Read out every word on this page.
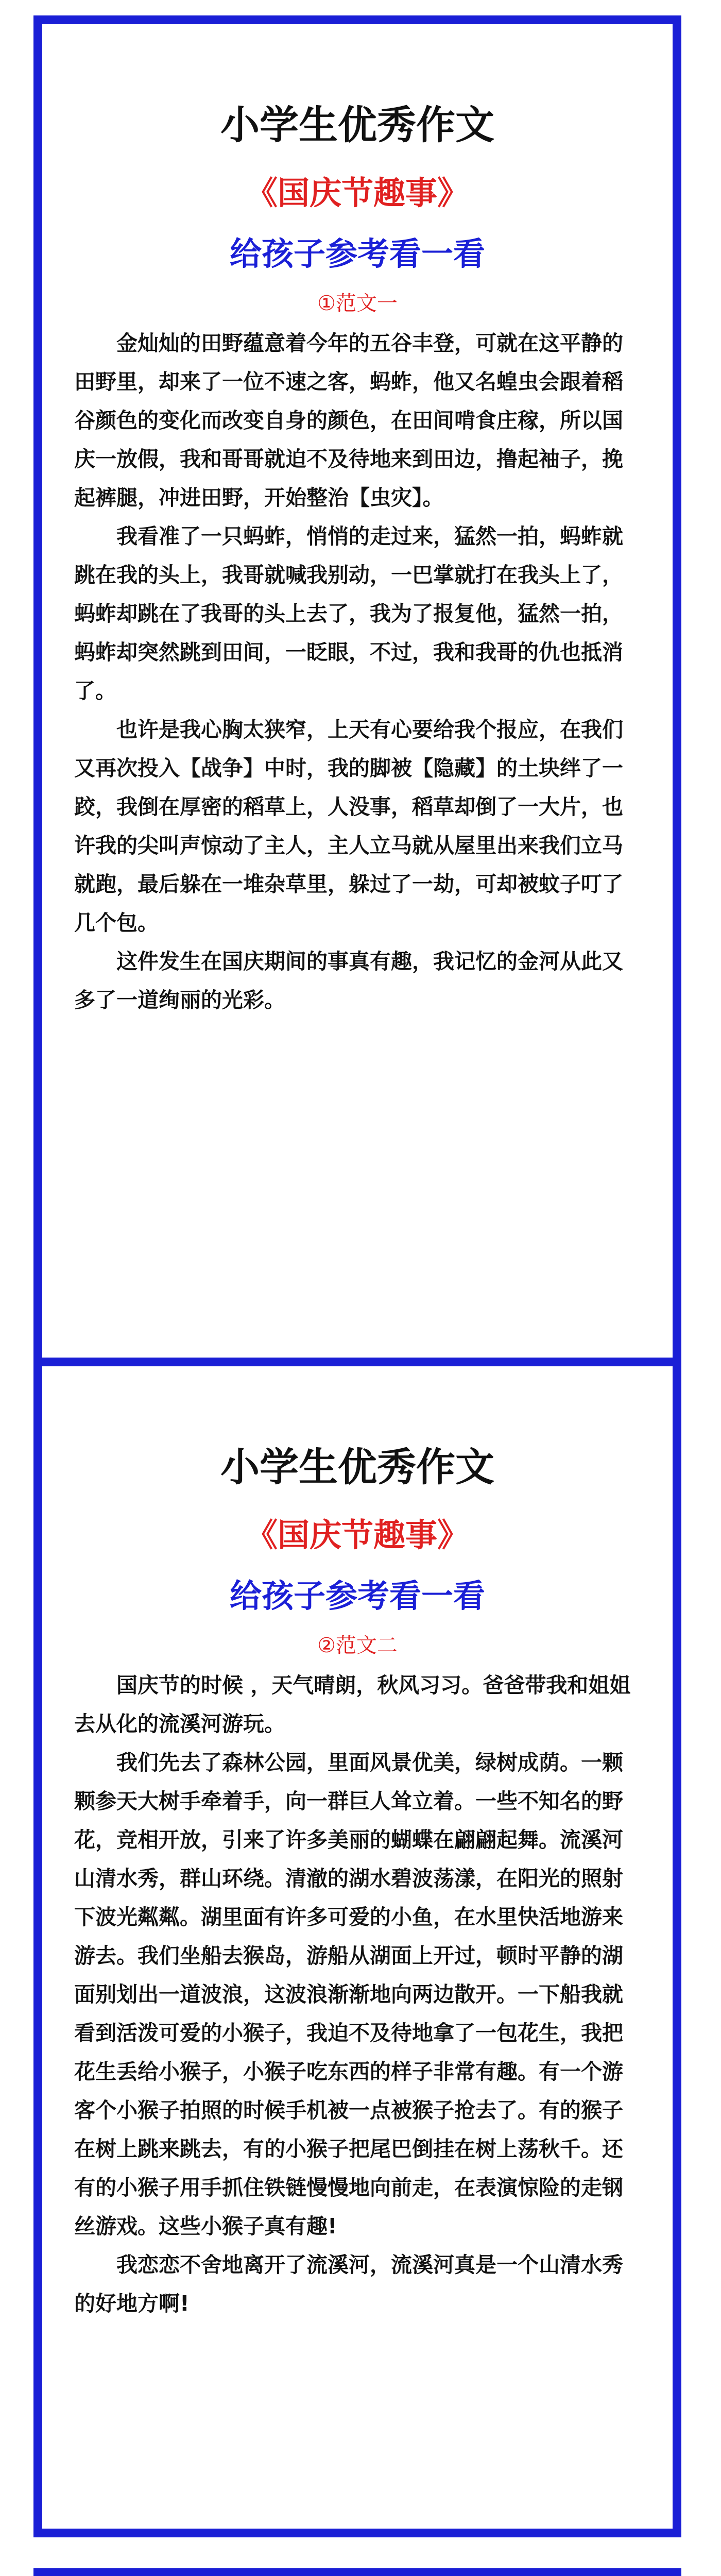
小学生优秀作文
《国庆节趣事》
给孩子参考看一看
①范文一

金灿灿的田野蕴意着今年的五谷丰登，可就在这平静的田野里，却来了一位不速之客，蚂蚱，他又名蝗虫会跟着稻谷颜色的变化而改变自身的颜色，在田间啃食庄稼，所以国庆一放假，我和哥哥就迫不及待地来到田边，撸起袖子，挽起裤腿，冲进田野，开始整治【虫灾】。

我看准了一只蚂蚱，悄悄的走过来，猛然一拍，蚂蚱就跳在我的头上，我哥就喊我别动，一巴掌就打在我头上了，蚂蚱却跳在了我哥的头上去了，我为了报复他，猛然一拍，蚂蚱却突然跳到田间，一眨眼，不过，我和我哥的仇也抵消了。

也许是我心胸太狭窄，上天有心要给我个报应，在我们又再次投入【战争】中时，我的脚被【隐藏】的土块绊了一跤，我倒在厚密的稻草上，人没事，稻草却倒了一大片，也许我的尖叫声惊动了主人，主人立马就从屋里出来我们立马就跑，最后躲在一堆杂草里，躲过了一劫，可却被蚊子叮了几个包。

这件发生在国庆期间的事真有趣，我记忆的金河从此又多了一道绚丽的光彩。

小学生优秀作文
《国庆节趣事》
给孩子参考看一看
②范文二

国庆节的时候 ，天气晴朗，秋风习习。爸爸带我和姐姐去从化的流溪河游玩。

我们先去了森林公园，里面风景优美，绿树成荫。一颗颗参天大树手牵着手，向一群巨人耸立着。一些不知名的野花，竞相开放，引来了许多美丽的蝴蝶在翩翩起舞。流溪河山清水秀，群山环绕。清澈的湖水碧波荡漾，在阳光的照射下波光粼粼。湖里面有许多可爱的小鱼，在水里快活地游来游去。我们坐船去猴岛，游船从湖面上开过，顿时平静的湖面别划出一道波浪，这波浪渐渐地向两边散开。一下船我就看到活泼可爱的小猴子，我迫不及待地拿了一包花生，我把花生丢给小猴子，小猴子吃东西的样子非常有趣。有一个游客个小猴子拍照的时候手机被一点被猴子抢去了。有的猴子在树上跳来跳去，有的小猴子把尾巴倒挂在树上荡秋千。还有的小猴子用手抓住铁链慢慢地向前走，在表演惊险的走钢丝游戏。这些小猴子真有趣!

我恋恋不舍地离开了流溪河，流溪河真是一个山清水秀的好地方啊!
